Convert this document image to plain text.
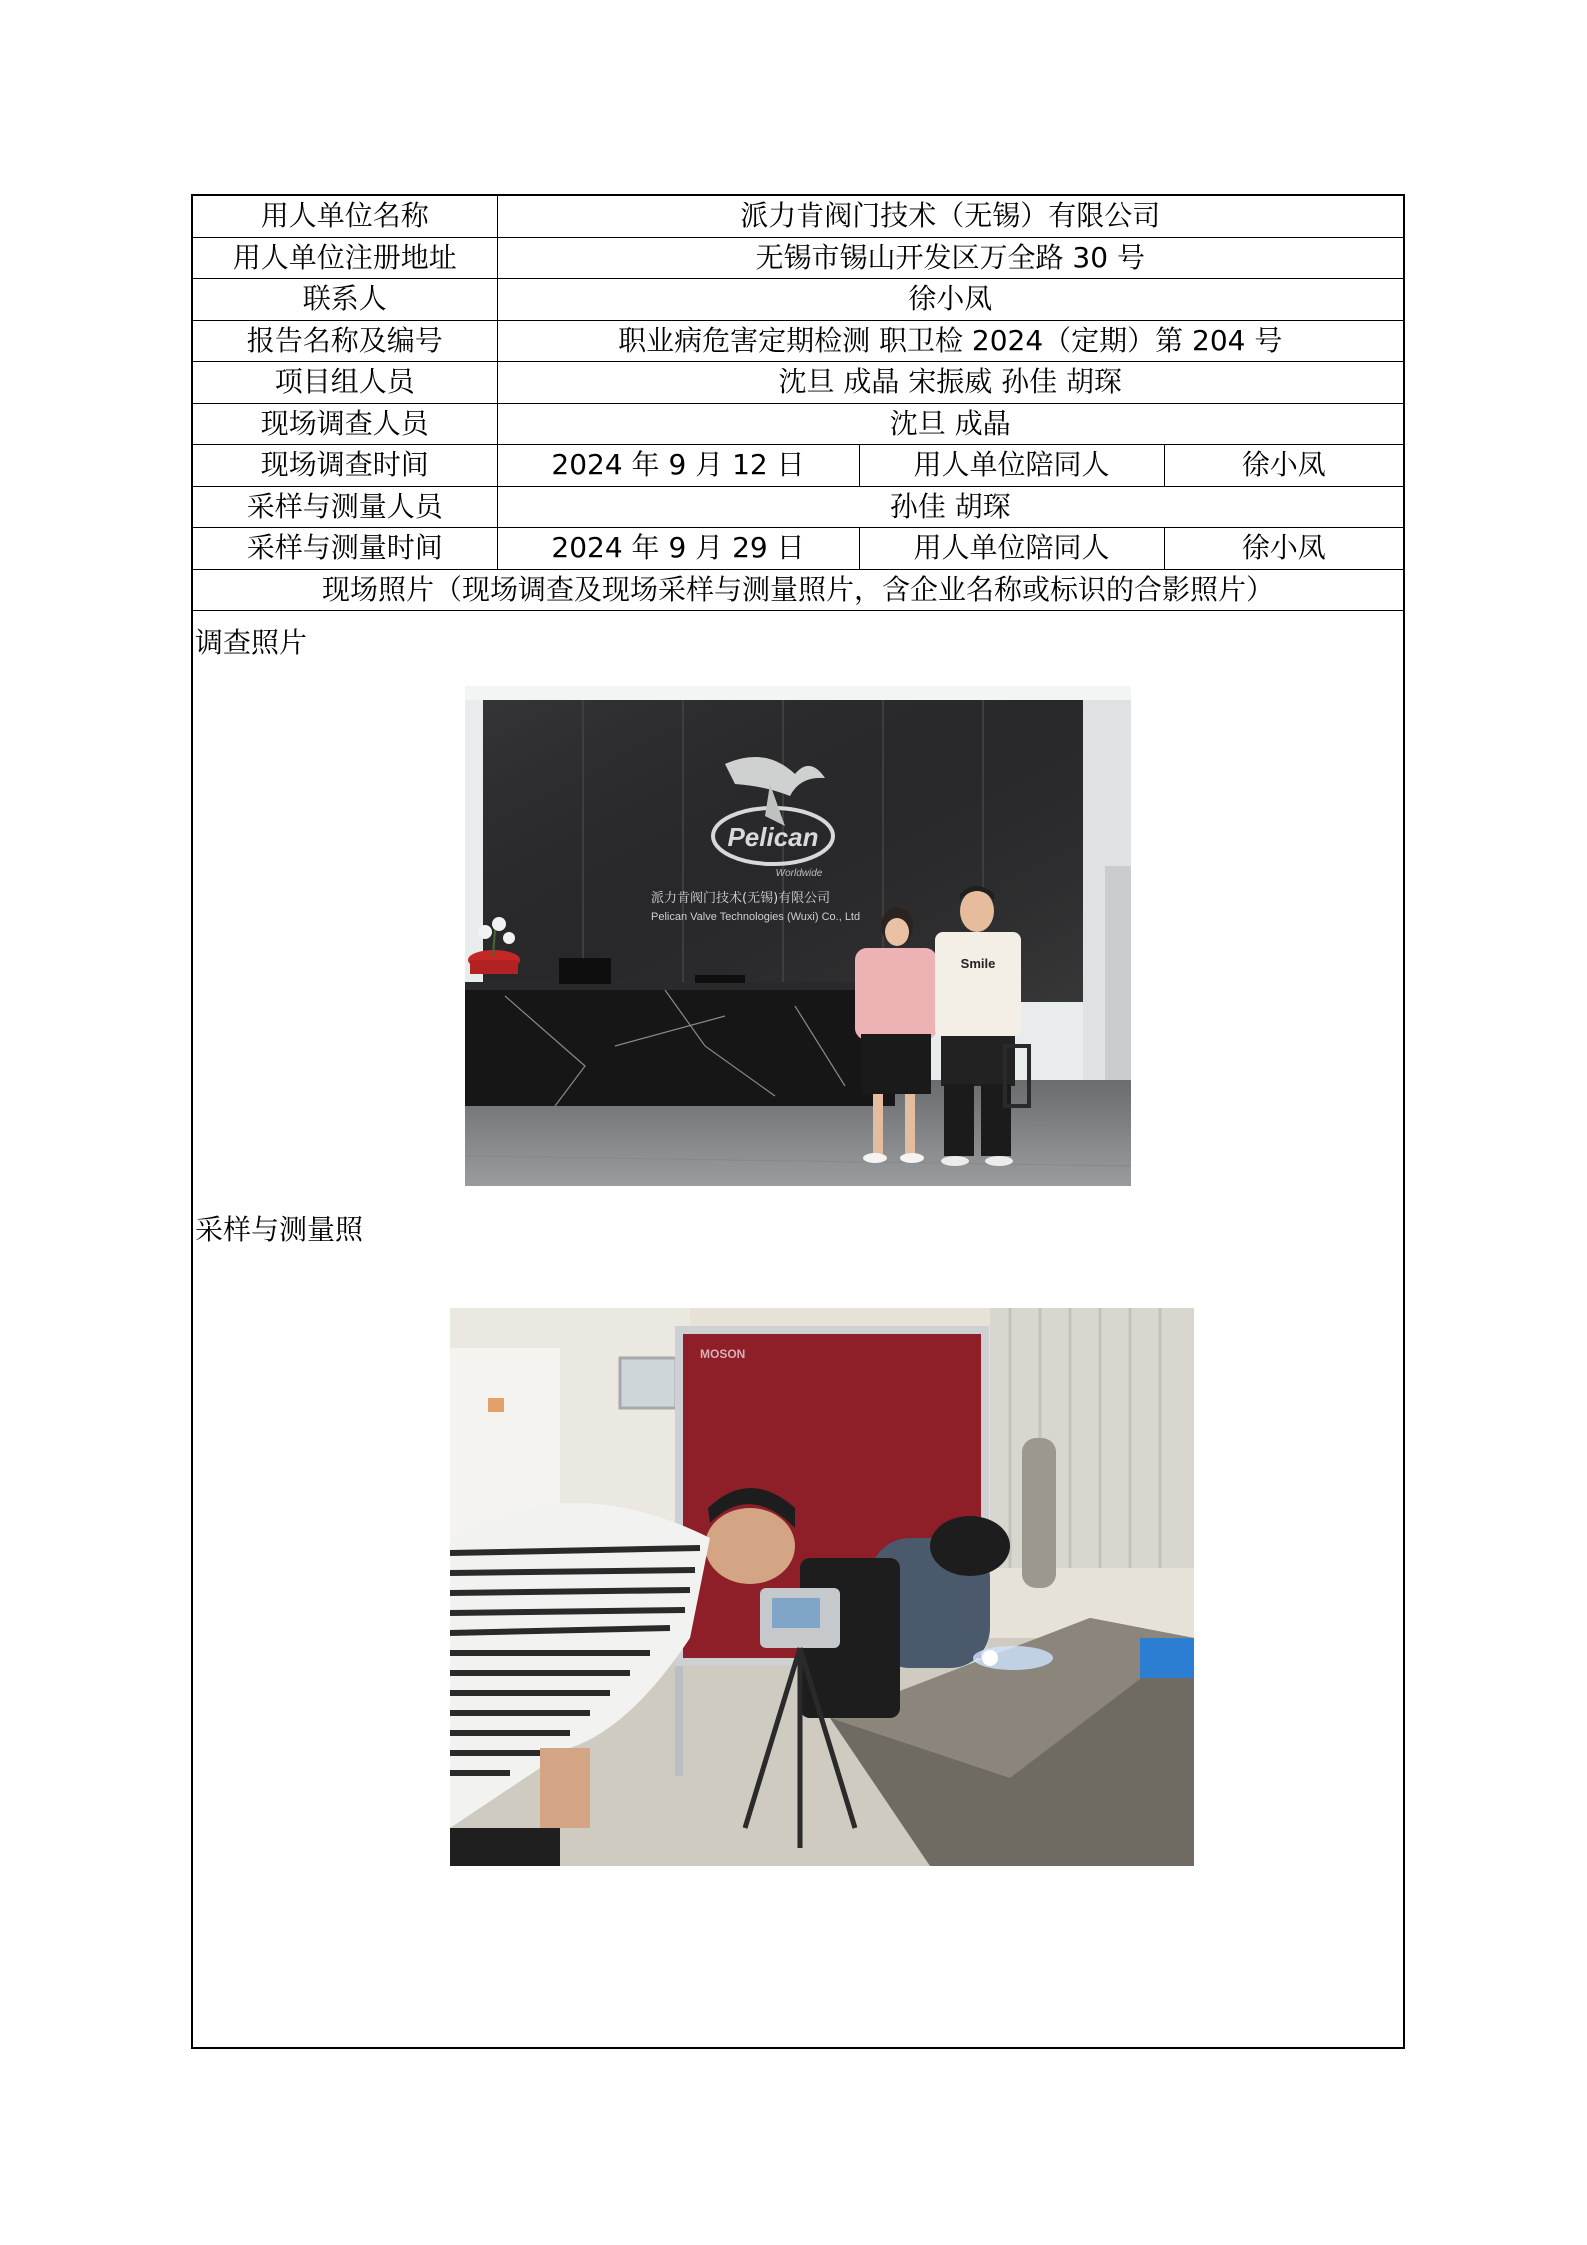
用人单位名称	派力肯阀门技术（无锡）有限公司		
用人单位注册地址	无锡市锡山开发区万全路 30 号		
联系人	徐小凤		
报告名称及编号	职业病危害定期检测 职卫检 2024（定期）第 204 号		
项目组人员	沈旦 成晶 宋振威 孙佳 胡琛		
现场调查人员	沈旦 成晶		
现场调查时间	2024 年 9 月 12 日	用人单位陪同人	徐小凤
采样与测量人员	孙佳 胡琛		
采样与测量时间	2024 年 9 月 29 日	用人单位陪同人	徐小凤
现场照片（现场调查及现场采样与测量照片，含企业名称或标识的合影照片）			
调查照片
Pelican
Worldwide
派力肯阀门技术(无锡)有限公司
Pelican Valve Technologies (Wuxi) Co., Ltd
Smile
采样与测量照
MOSON
